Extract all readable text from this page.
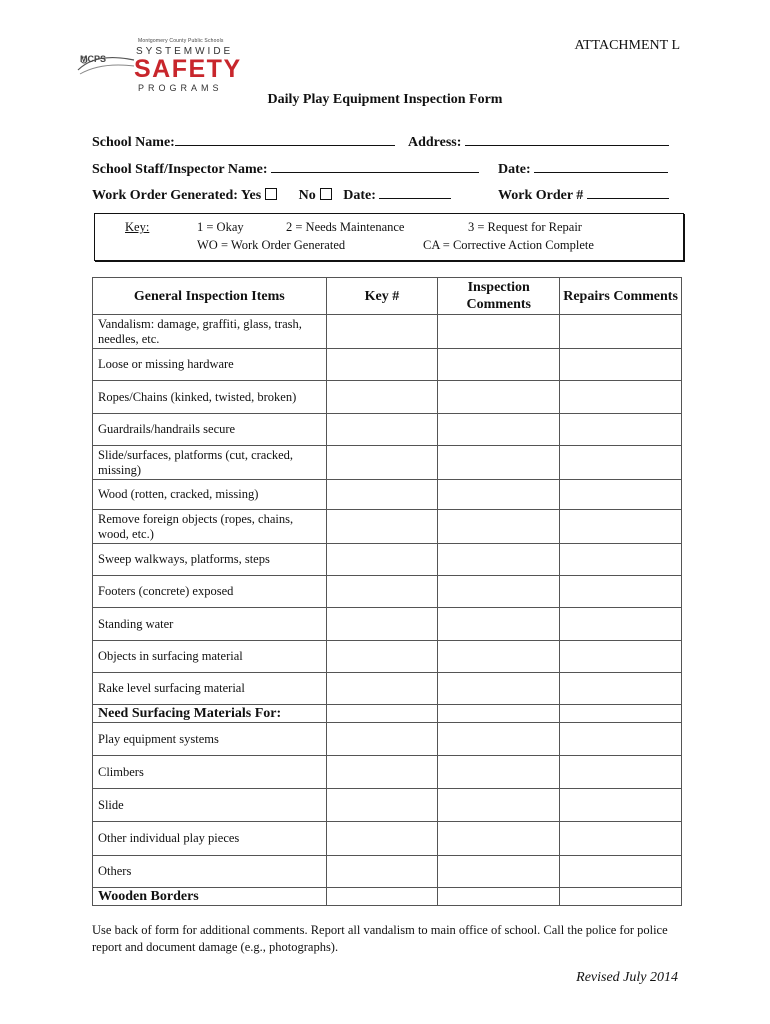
ATTACHMENT L
MCPS
Montgomery County Public Schools
SYSTEMWIDE
SAFETY
PROGRAMS
Daily Play Equipment Inspection Form
School Name:	Address:
School Staff/Inspector Name:	Date:
Work Order Generated: Yes	No Date:	Work Order #
Key:	1 = Okay	2 = Needs Maintenance	3 = Request for Repair
WO = Work Order Generated	CA = Corrective Action Complete
General Inspection Items	Key #	Inspection Comments	Repairs Comments
Vandalism: damage, graffiti, glass, trash, needles, etc.			
Loose or missing hardware			
Ropes/Chains (kinked, twisted, broken)			
Guardrails/handrails secure			
Slide/surfaces, platforms (cut, cracked, missing)			
Wood (rotten, cracked, missing)			
Remove foreign objects (ropes, chains, wood, etc.)			
Sweep walkways, platforms, steps			
Footers (concrete) exposed			
Standing water			
Objects in surfacing material			
Rake level surfacing material			
Need Surfacing Materials For:			
Play equipment systems			
Climbers			
Slide			
Other individual play pieces			
Others			
Wooden Borders			
Use back of form for additional comments. Report all vandalism to main office of school. Call the police for police report and document damage (e.g., photographs).
Revised July 2014
